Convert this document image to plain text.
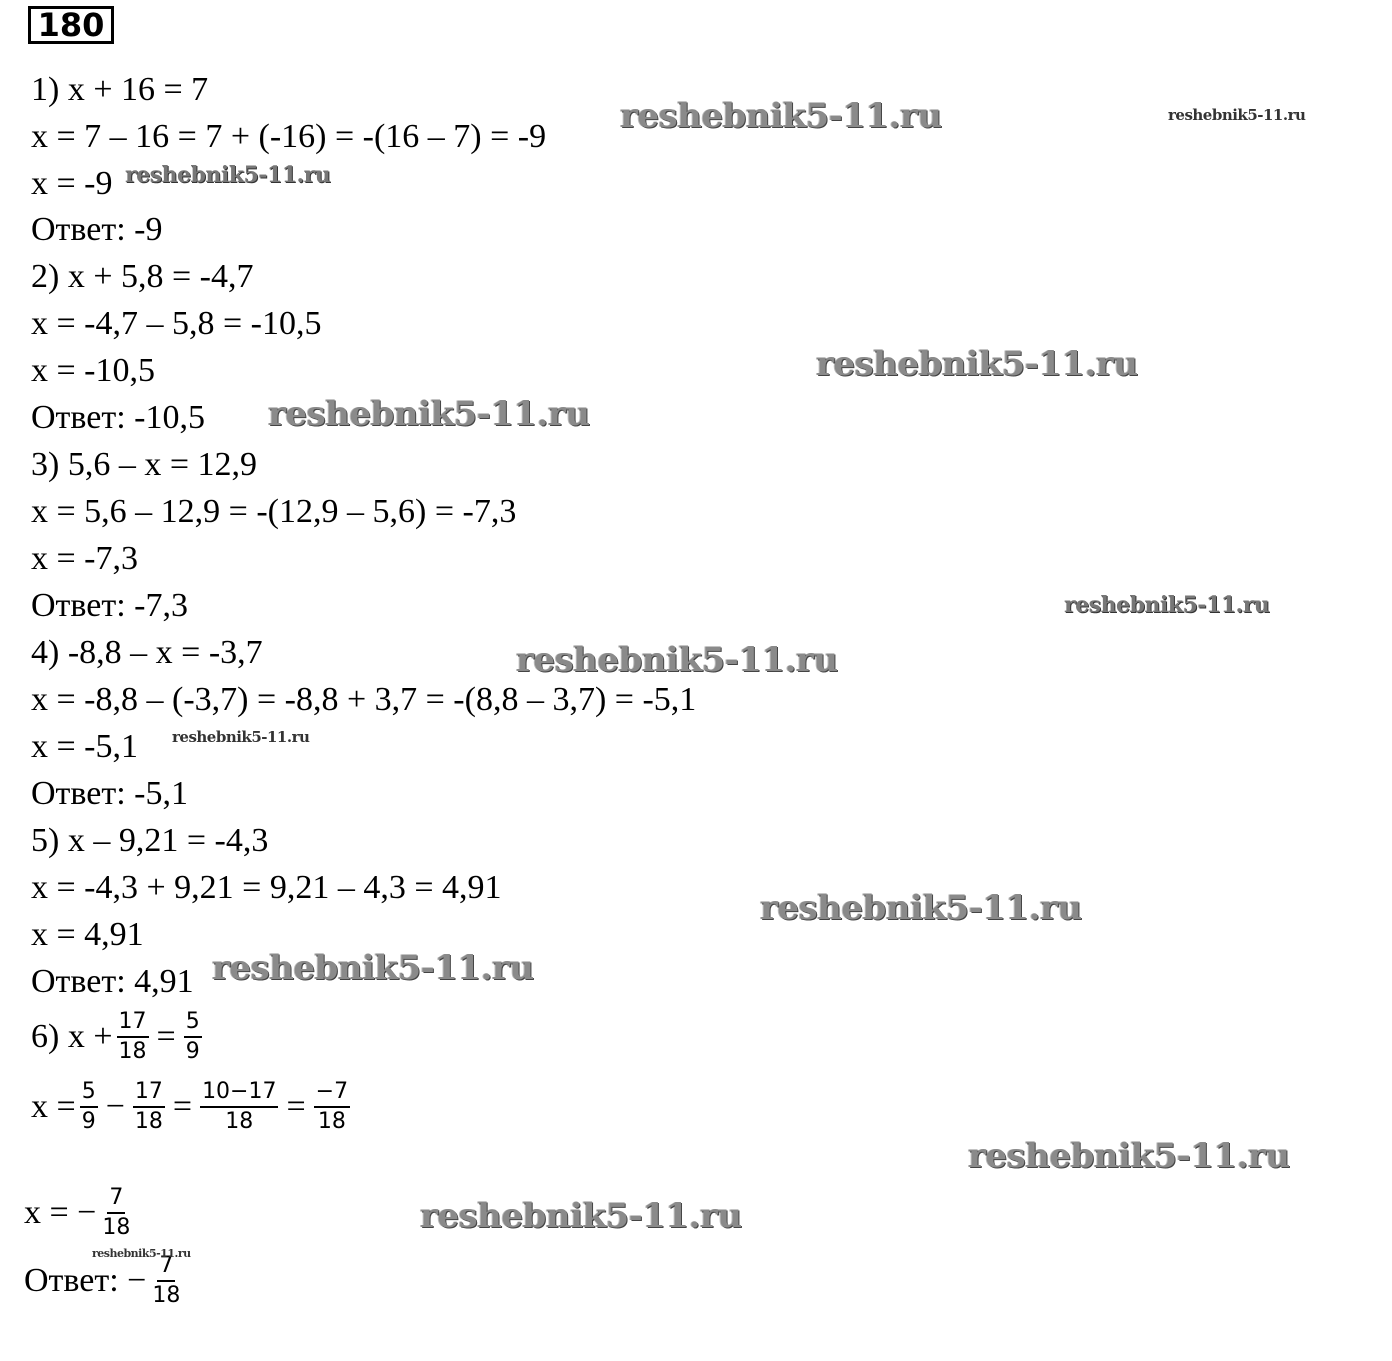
180
1) x + 16 = 7
x = 7 – 16 = 7 + (-16) = -(16 – 7) = -9
x = -9
Ответ: -9
2) x + 5,8 = -4,7
x = -4,7 – 5,8 = -10,5
x = -10,5
Ответ: -10,5
3) 5,6 – x = 12,9
x = 5,6 – 12,9 = -(12,9 – 5,6) = -7,3
x = -7,3
Ответ: -7,3
4) -8,8 – x = -3,7
x = -8,8 – (-3,7) = -8,8 + 3,7 = -(8,8 – 3,7) = -5,1
x = -5,1
Ответ: -5,1
5) x – 9,21 = -4,3
x = -4,3 + 9,21 = 9,21 – 4,3 = 4,91
x = 4,91
Ответ: 4,91
6) $x + \frac{17}{18} = \frac{5}{9}$
$x = \frac{5}{9} - \frac{17}{18} = \frac{10-17}{18} = \frac{-7}{18}$
x = − $\frac{7}{18}$
Ответ: − $\frac{7}{18}$
reshebnik5-11.ru	reshebnik5-11.ru
reshebnik5-11.ru
reshebnik5-11.ru
reshebnik5-11.ru
reshebnik5-11.ru
reshebnik5-11.ru
reshebnik5-11.ru
reshebnik5-11.ru
reshebnik5-11.ru
reshebnik5-11.ru
reshebnik5-11.ru
reshebnik5-11.ru
